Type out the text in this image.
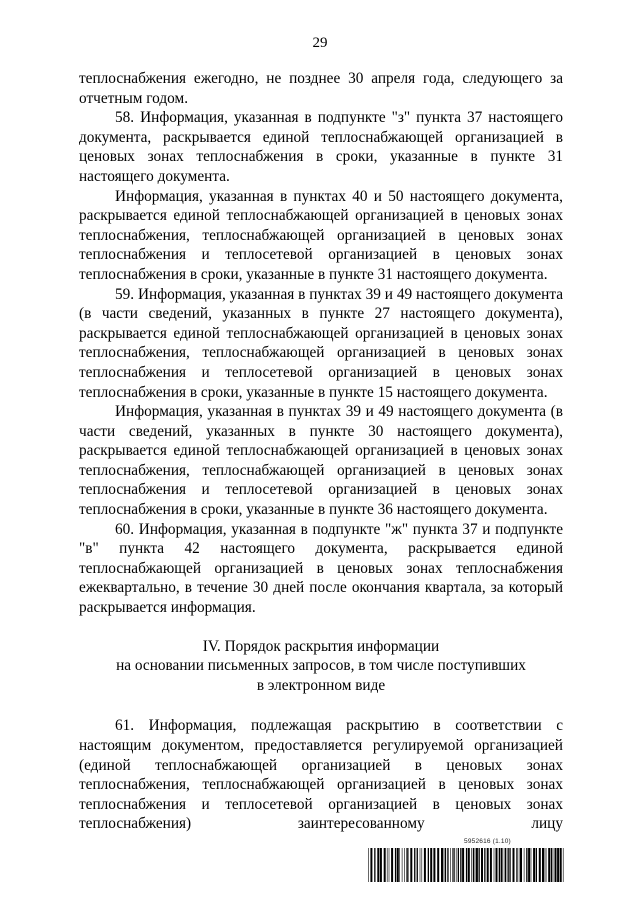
29

теплоснабжения ежегодно, не позднее 30 апреля года, следующего за отчетным годом.

58. Информация, указанная в подпункте "з" пункта 37 настоящего документа, раскрывается единой теплоснабжающей организацией в ценовых зонах теплоснабжения в сроки, указанные в пункте 31 настоящего документа.

Информация, указанная в пунктах 40 и 50 настоящего документа, раскрывается единой теплоснабжающей организацией в ценовых зонах теплоснабжения, теплоснабжающей организацией в ценовых зонах теплоснабжения и теплосетевой организацией в ценовых зонах теплоснабжения в сроки, указанные в пункте 31 настоящего документа.

59. Информация, указанная в пунктах 39 и 49 настоящего документа (в части сведений, указанных в пункте 27 настоящего документа), раскрывается единой теплоснабжающей организацией в ценовых зонах теплоснабжения, теплоснабжающей организацией в ценовых зонах теплоснабжения и теплосетевой организацией в ценовых зонах теплоснабжения в сроки, указанные в пункте 15 настоящего документа.

Информация, указанная в пунктах 39 и 49 настоящего документа (в части сведений, указанных в пункте 30 настоящего документа), раскрывается единой теплоснабжающей организацией в ценовых зонах теплоснабжения, теплоснабжающей организацией в ценовых зонах теплоснабжения и теплосетевой организацией в ценовых зонах теплоснабжения в сроки, указанные в пункте 36 настоящего документа.

60. Информация, указанная в подпункте "ж" пункта 37 и подпункте "в" пункта 42 настоящего документа, раскрывается единой теплоснабжающей организацией в ценовых зонах теплоснабжения ежеквартально, в течение 30 дней после окончания квартала, за который раскрывается информация.

IV. Порядок раскрытия информации
на основании письменных запросов, в том числе поступивших
в электронном виде

61. Информация, подлежащая раскрытию в соответствии с настоящим документом, предоставляется регулируемой организацией (единой теплоснабжающей организацией в ценовых зонах теплоснабжения, теплоснабжающей организацией в ценовых зонах теплоснабжения и теплосетевой организацией в ценовых зонах теплоснабжения) заинтересованному лицу

5952616 (1.10)
